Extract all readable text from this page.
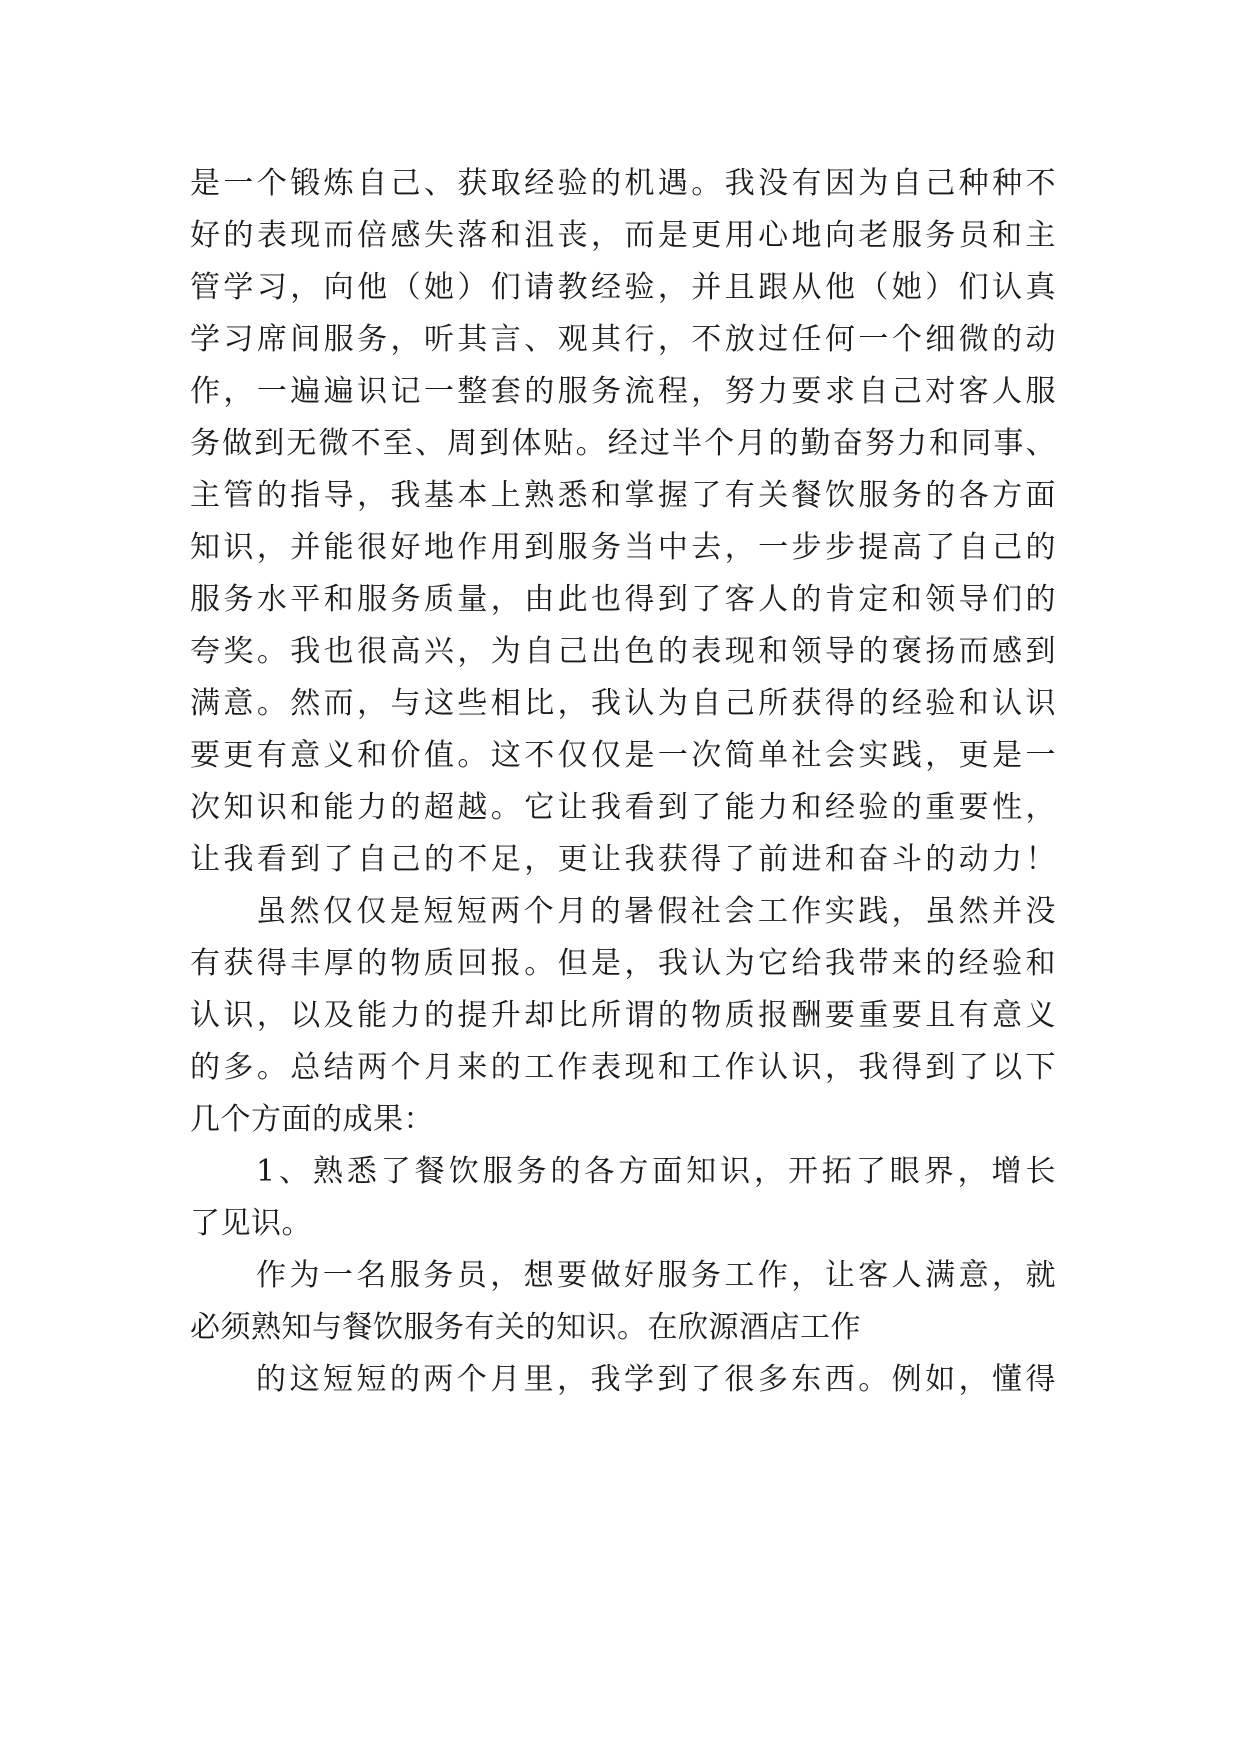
是一个锻炼自己、获取经验的机遇。我没有因为自己种种不
好的表现而倍感失落和沮丧，而是更用心地向老服务员和主
管学习，向他（她）们请教经验，并且跟从他（她）们认真
学习席间服务，听其言、观其行，不放过任何一个细微的动
作，一遍遍识记一整套的服务流程，努力要求自己对客人服
务做到无微不至、周到体贴。经过半个月的勤奋努力和同事、
主管的指导，我基本上熟悉和掌握了有关餐饮服务的各方面
知识，并能很好地作用到服务当中去，一步步提高了自己的
服务水平和服务质量，由此也得到了客人的肯定和领导们的
夸奖。我也很高兴，为自己出色的表现和领导的褒扬而感到
满意。然而，与这些相比，我认为自己所获得的经验和认识
要更有意义和价值。这不仅仅是一次简单社会实践，更是一
次知识和能力的超越。它让我看到了能力和经验的重要性，
让我看到了自己的不足，更让我获得了前进和奋斗的动力！
虽然仅仅是短短两个月的暑假社会工作实践，虽然并没
有获得丰厚的物质回报。但是，我认为它给我带来的经验和
认识，以及能力的提升却比所谓的物质报酬要重要且有意义
的多。总结两个月来的工作表现和工作认识，我得到了以下
几个方面的成果：
1、熟悉了餐饮服务的各方面知识，开拓了眼界，增长
了见识。
作为一名服务员，想要做好服务工作，让客人满意，就
必须熟知与餐饮服务有关的知识。在欣源酒店工作
的这短短的两个月里，我学到了很多东西。例如，懂得
